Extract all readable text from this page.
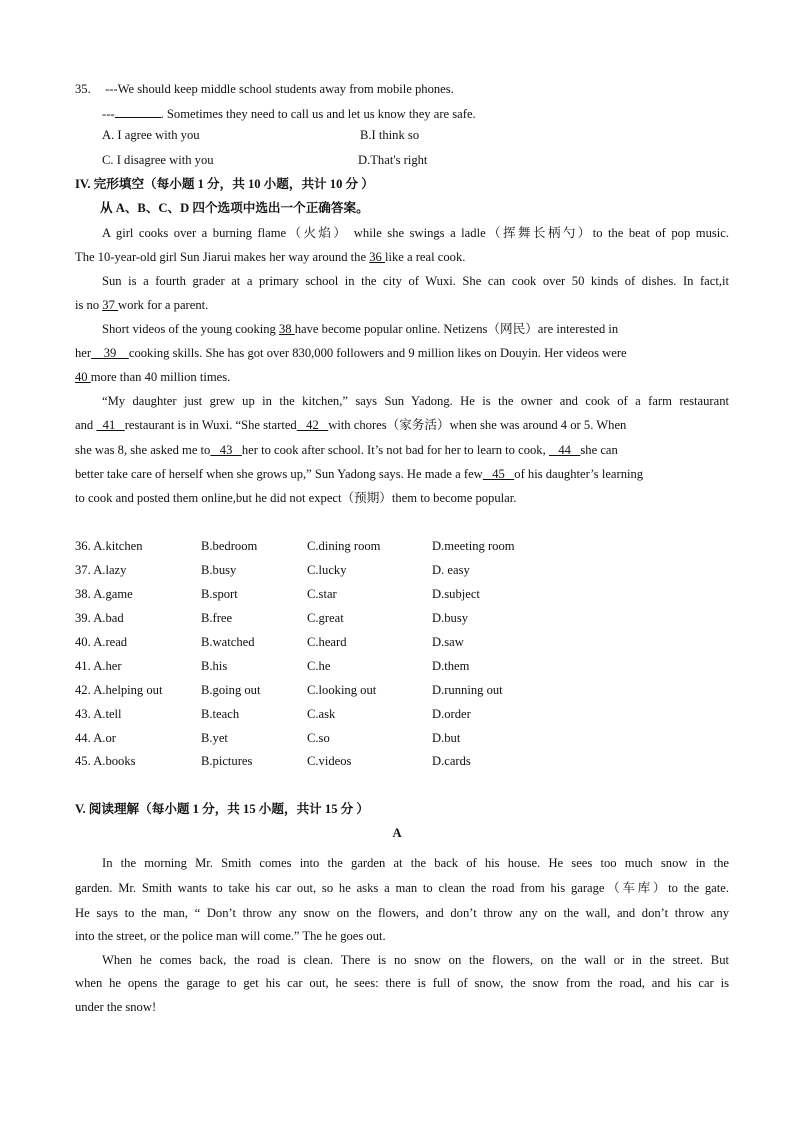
35. ---We should keep middle school students away from mobile phones.
---	. Sometimes they need to call us and let us know they are safe.
A. I agree with you	B.I think so
C. I disagree with you	D.That's right
IV. 完形填空（每小题 1 分，共 10 小题，共计 10 分 ）
从 A、B、C、D 四个选项中选出一个正确答案。
A girl cooks over a burning flame（火焰） while she swings a ladle（挥舞长柄勺）to the beat of pop music.
The 10-year-old girl Sun Jiarui makes her way around the 36 like a real cook.
Sun is a fourth grader at a primary school in the city of Wuxi. She can cook over 50 kinds of dishes. In fact,it
is no 37 work for a parent.
Short videos of the young cooking 38 have become popular online. Netizens（网民）are interested in
her    39    cooking skills. She has got over 830,000 followers and 9 million likes on Douyin. Her videos were
40 more than 40 million times.
“My daughter just grew up in the kitchen,” says Sun Yadong. He is the owner and cook of a farm restaurant
and   41   restaurant is in Wuxi. “She started   42   with chores（家务活）when she was around 4 or 5. When
she was 8, she asked me to   43   her to cook after school. It’s not bad for her to learn to cook,    44   she can
better take care of herself when she grows up,” Sun Yadong says. He made a few   45   of his daughter’s learning
to cook and posted them online,but he did not expect（预期）them to become popular.
36. A.kitchen	B.bedroom	C.dining room	D.meeting room
37. A.lazy	B.busy	C.lucky	D. easy
38. A.game	B.sport	C.star	D.subject
39. A.bad	B.free	C.great	D.busy
40. A.read	B.watched	C.heard	D.saw
41. A.her	B.his	C.he	D.them
42. A.helping out	B.going out	C.looking out	D.running out
43. A.tell	B.teach	C.ask	D.order
44. A.or	B.yet	C.so	D.but
45. A.books	B.pictures	C.videos	D.cards
V. 阅读理解（每小题 1 分，共 15 小题，共计 15 分 ）
A
In the morning Mr. Smith comes into the garden at the back of his house. He sees too much snow in the
garden. Mr. Smith wants to take his car out, so he asks a man to clean the road from his garage（车库）to the gate.
He says to the man, “ Don’t throw any snow on the flowers, and don’t throw any on the wall, and don’t throw any
into the street, or the police man will come.” The he goes out.
When he comes back, the road is clean. There is no snow on the flowers, on the wall or in the street. But
when he opens the garage to get his car out, he sees: there is full of snow, the snow from the road, and his car is
under the snow!
